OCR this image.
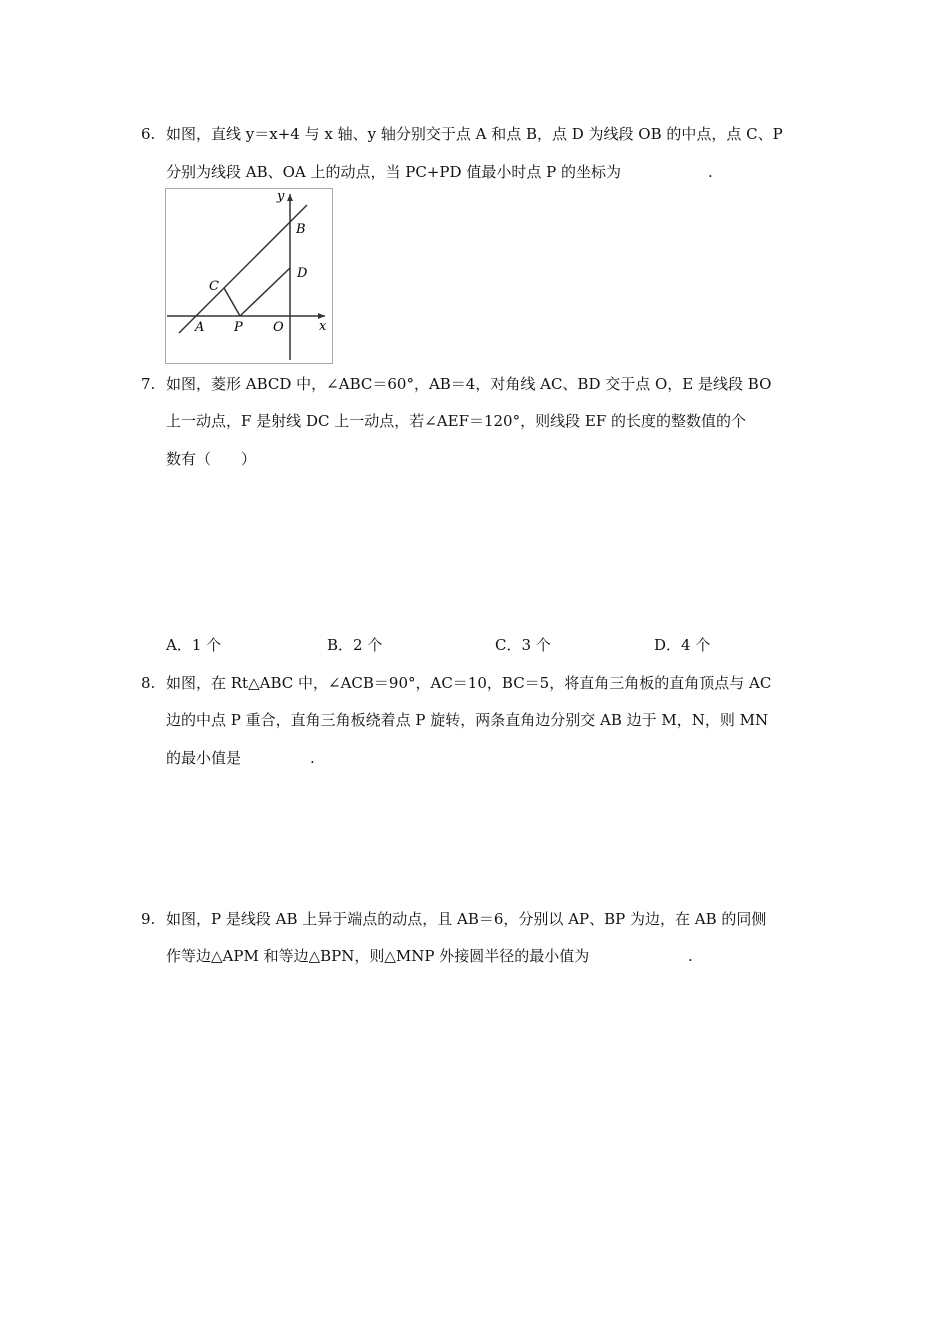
6. 如图，直线 y＝x+4 与 x 轴、y 轴分别交于点 A 和点 B，点 D 为线段 OB 的中点，点 C、P
分别为线段 AB、OA 上的动点，当 PC+PD 值最小时点 P 的坐标为	.
y
x
B
D
C
A P O
7. 如图，菱形 ABCD 中，∠ABC＝60°，AB＝4，对角线 AC、BD 交于点 O，E 是线段 BO
上一动点，F 是射线 DC 上一动点，若∠AEF＝120°，则线段 EF 的长度的整数值的个
数有（　　）
A．1 个	B．2 个	C．3 个	D．4 个
8. 如图，在 Rt△ABC 中，∠ACB＝90°，AC＝10，BC＝5，将直角三角板的直角顶点与 AC
边的中点 P 重合，直角三角板绕着点 P 旋转，两条直角边分别交 AB 边于 M，N，则 MN
的最小值是	.
9. 如图，P 是线段 AB 上异于端点的动点，且 AB＝6，分别以 AP、BP 为边，在 AB 的同侧
作等边△APM 和等边△BPN，则△MNP 外接圆半径的最小值为	.
